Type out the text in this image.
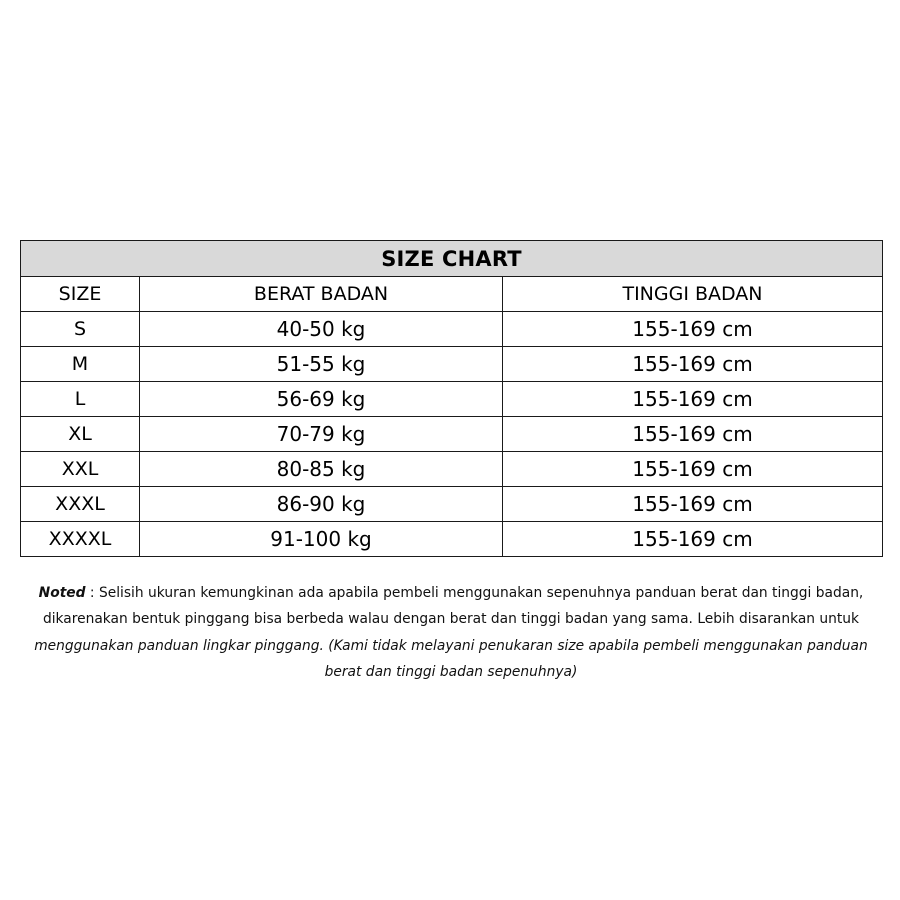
SIZE CHART		
SIZE	BERAT BADAN	TINGGI BADAN
S	40-50 kg	155-169 cm
M	51-55 kg	155-169 cm
L	56-69 kg	155-169 cm
XL	70-79 kg	155-169 cm
XXL	80-85 kg	155-169 cm
XXXL	86-90 kg	155-169 cm
XXXXL	91-100 kg	155-169 cm

Noted : Selisih ukuran kemungkinan ada apabila pembeli menggunakan sepenuhnya panduan berat dan tinggi badan, dikarenakan bentuk pinggang bisa berbeda walau dengan berat dan tinggi badan yang sama. Lebih disarankan untuk menggunakan panduan lingkar pinggang. (Kami tidak melayani penukaran size apabila pembeli menggunakan panduan berat dan tinggi badan sepenuhnya)
